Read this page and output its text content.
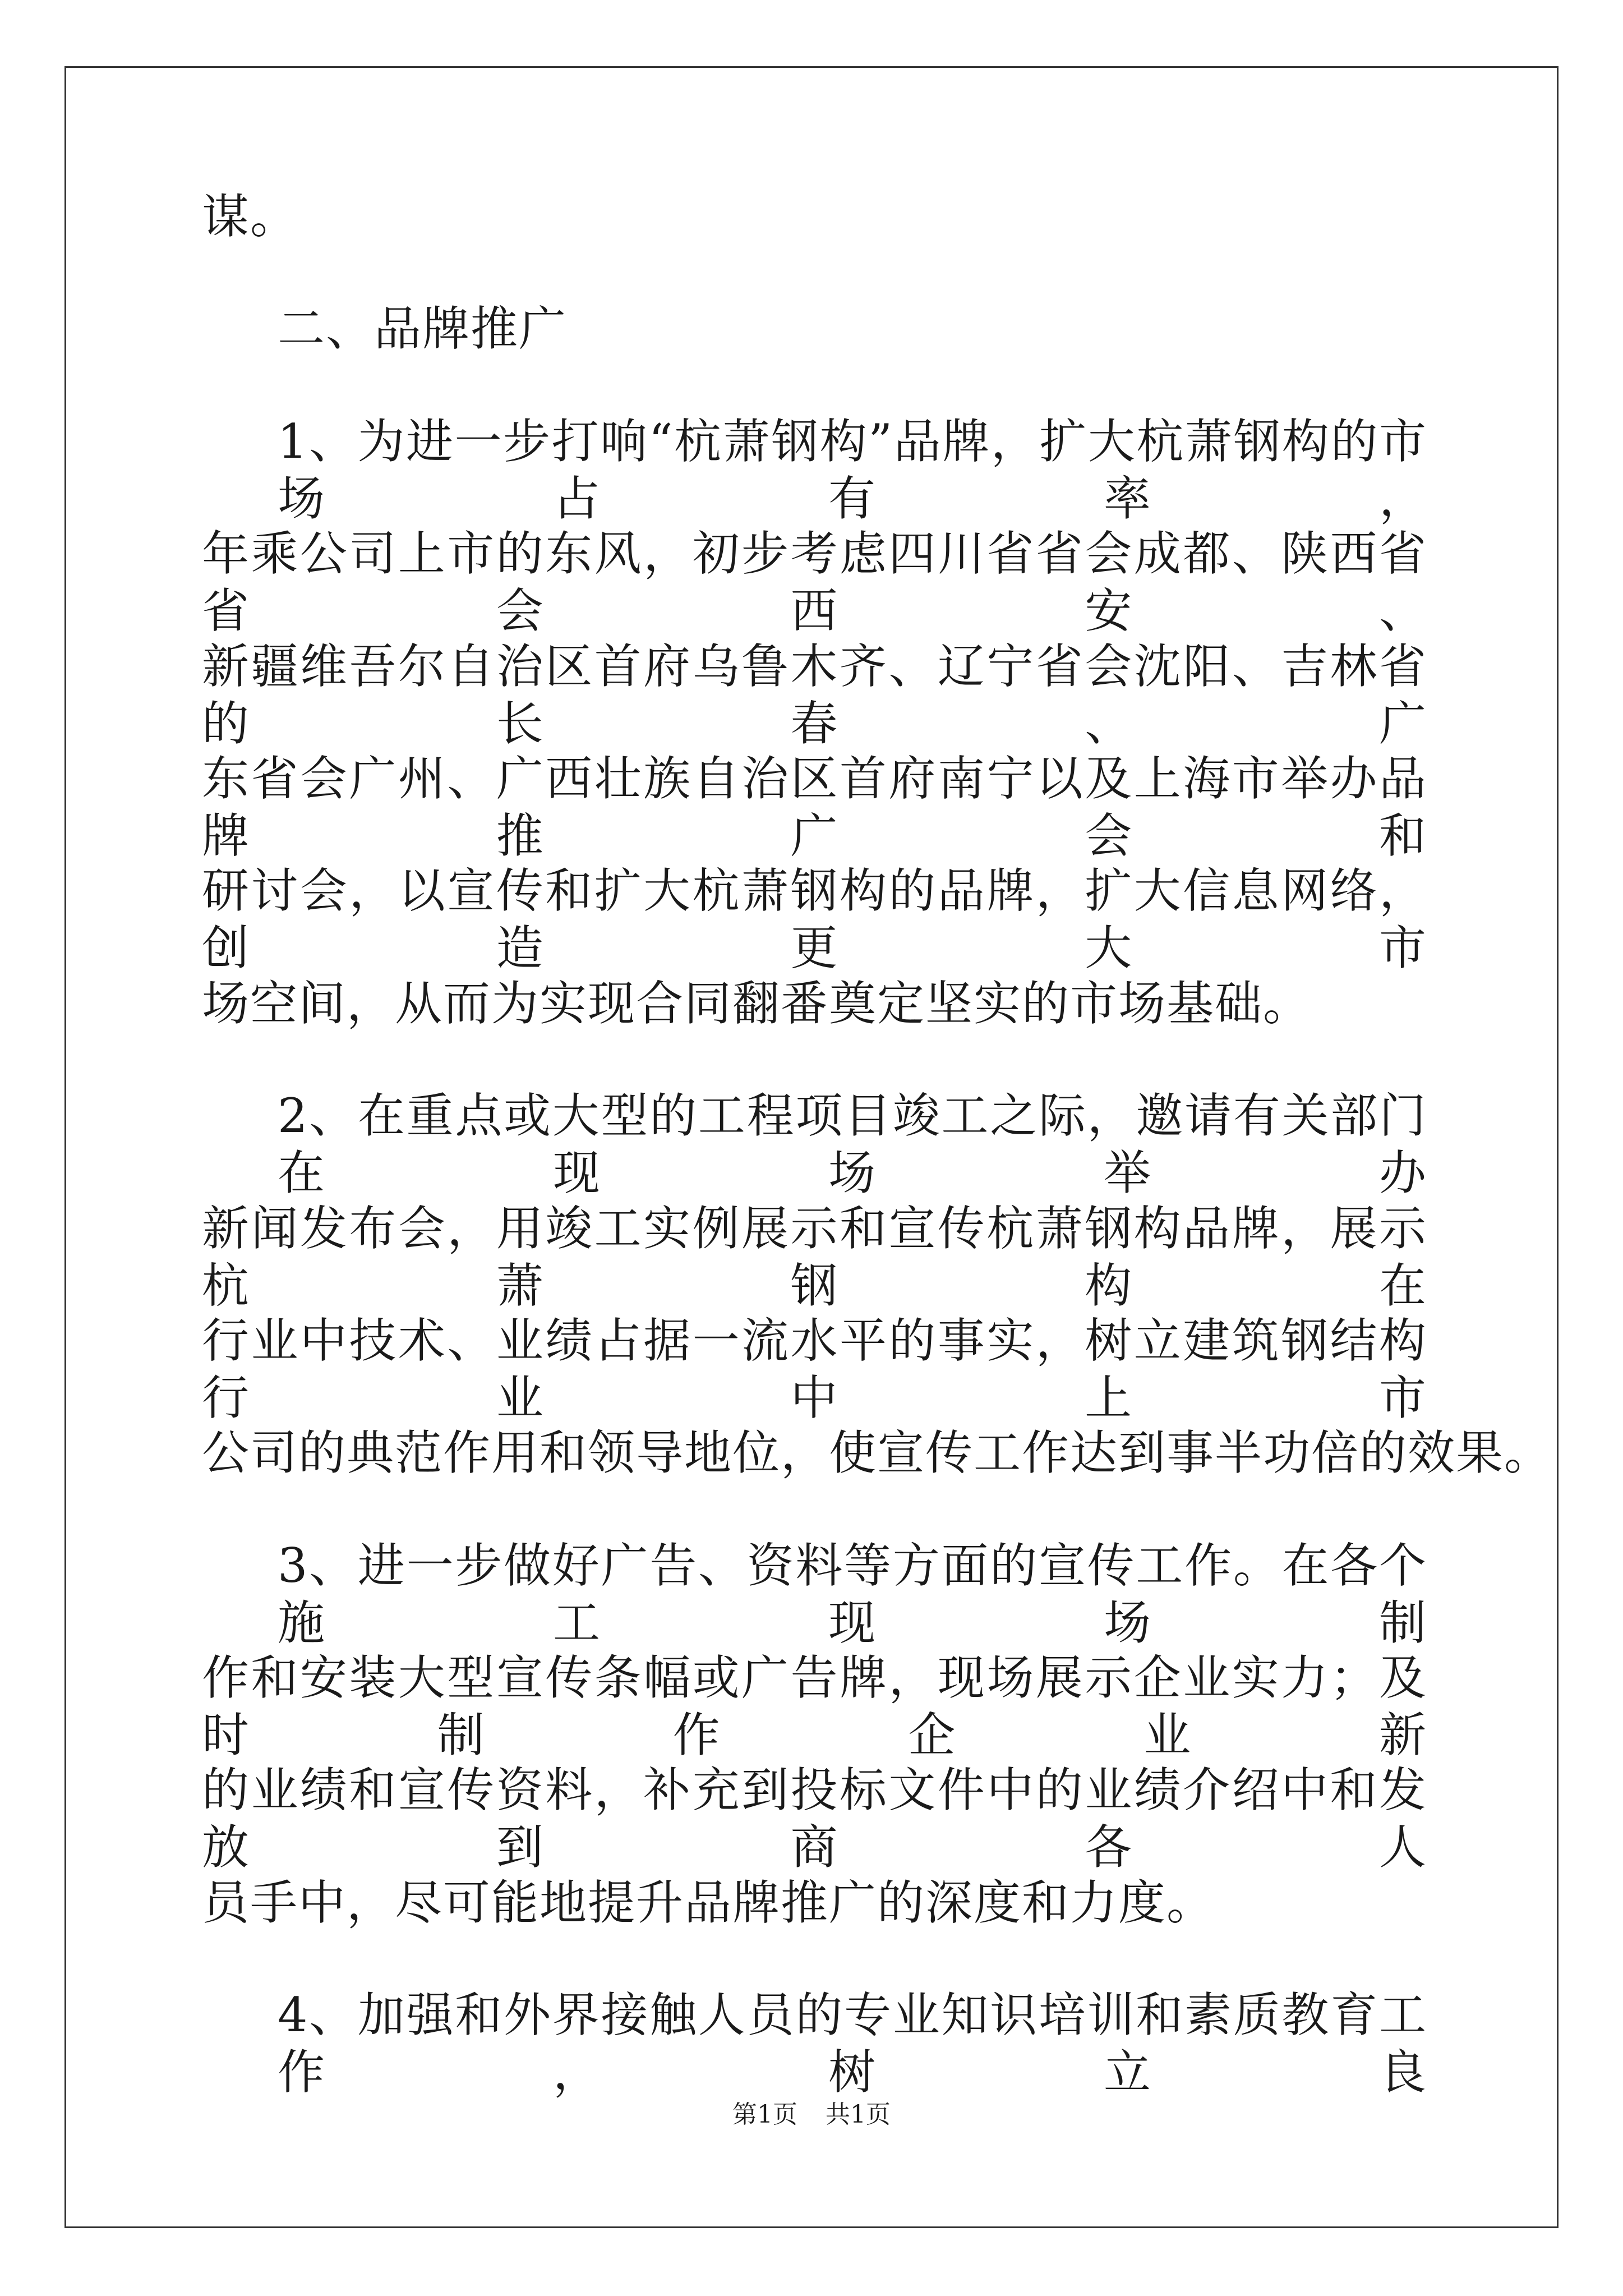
谋。
二、品牌推广
1、为进一步打响“杭萧钢构”品牌，扩大杭萧钢构的市场占有率，
年乘公司上市的东风，初步考虑四川省省会成都、陕西省省会西安、
新疆维吾尔自治区首府乌鲁木齐、辽宁省会沈阳、吉林省的长春、广
东省会广州、广西壮族自治区首府南宁以及上海市举办品牌推广会和
研讨会，以宣传和扩大杭萧钢构的品牌，扩大信息网络，创造更大市
场空间，从而为实现合同翻番奠定坚实的市场基础。
2、在重点或大型的工程项目竣工之际，邀请有关部门在现场举办
新闻发布会，用竣工实例展示和宣传杭萧钢构品牌，展示杭萧钢构在
行业中技术、业绩占据一流水平的事实，树立建筑钢结构行业中上市
公司的典范作用和领导地位，使宣传工作达到事半功倍的效果。
3、进一步做好广告、资料等方面的宣传工作。在各个施工现场制
作和安装大型宣传条幅或广告牌，现场展示企业实力；及时制作企业新
的业绩和宣传资料，补充到投标文件中的业绩介绍中和发放到商各人
员手中，尽可能地提升品牌推广的深度和力度。
4、加强和外界接触人员的专业知识培训和素质教育工作，树立良
第1页 共1页
